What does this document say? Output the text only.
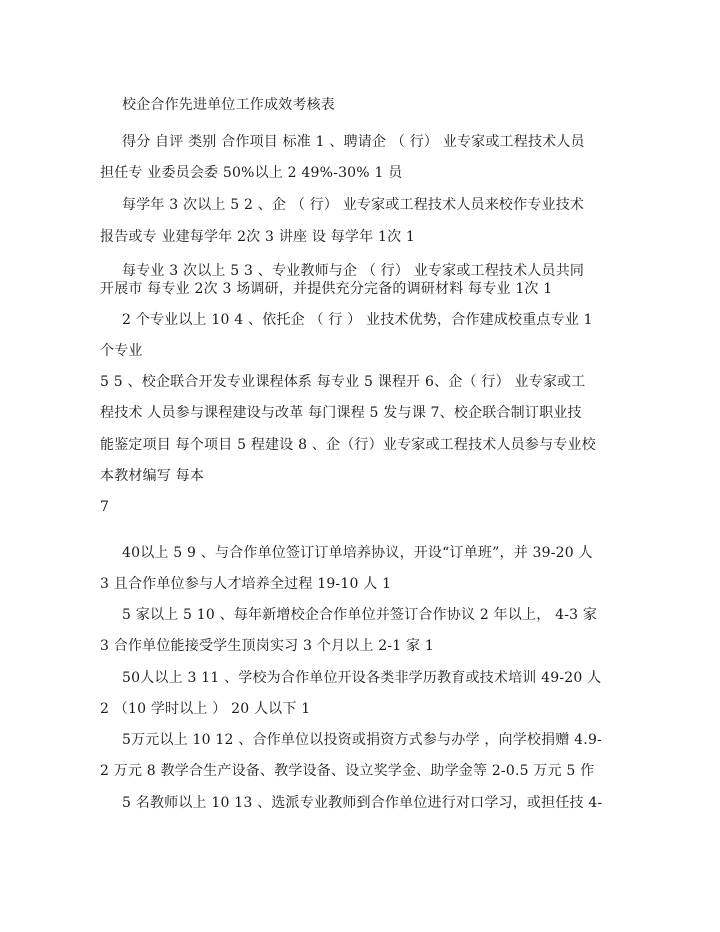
校企合作先进单位工作成效考核表
得分 自评 类别 合作项目 标准 1 、聘请企 （ 行） 业专家或工程技术人员
担任专 业委员会委 50%以上 2 49%-30% 1 员
每学年 3 次以上 5 2 、企 （ 行） 业专家或工程技术人员来校作专业技术
报告或专 业建每学年 2次 3 讲座 设 每学年 1次 1
每专业 3 次以上 5 3 、专业教师与企 （ 行） 业专家或工程技术人员共同
开展市 每专业 2次 3 场调研，并提供充分完备的调研材料 每专业 1次 1
2 个专业以上 10 4 、依托企 （ 行 ） 业技术优势，合作建成校重点专业 1
个专业
5 5 、校企联合开发专业课程体系 每专业 5 课程开 6、企（ 行） 业专家或工
程技术 人员参与课程建设与改革 每门课程 5 发与课 7、校企联合制订职业技
能鉴定项目 每个项目 5 程建设 8 、企（行）业专家或工程技术人员参与专业校
本教材编写 每本
7
40以上 5 9 、与合作单位签订订单培养协议，开设“订单班”，并 39-20 人
3 且合作单位参与人才培养全过程 19-10 人 1
5 家以上 5 10 、每年新增校企合作单位并签订合作协议 2 年以上， 4-3 家
3 合作单位能接受学生顶岗实习 3 个月以上 2-1 家 1
50人以上 3 11 、学校为合作单位开设各类非学历教育或技术培训 49-20 人
2 （10 学时以上 ） 20 人以下 1
5万元以上 10 12 、合作单位以投资或捐资方式参与办学 ，向学校捐赠 4.9-
2 万元 8 教学合生产设备、教学设备、设立奖学金、助学金等 2-0.5 万元 5 作
5 名教师以上 10 13 、选派专业教师到合作单位进行对口学习，或担任技 4-
